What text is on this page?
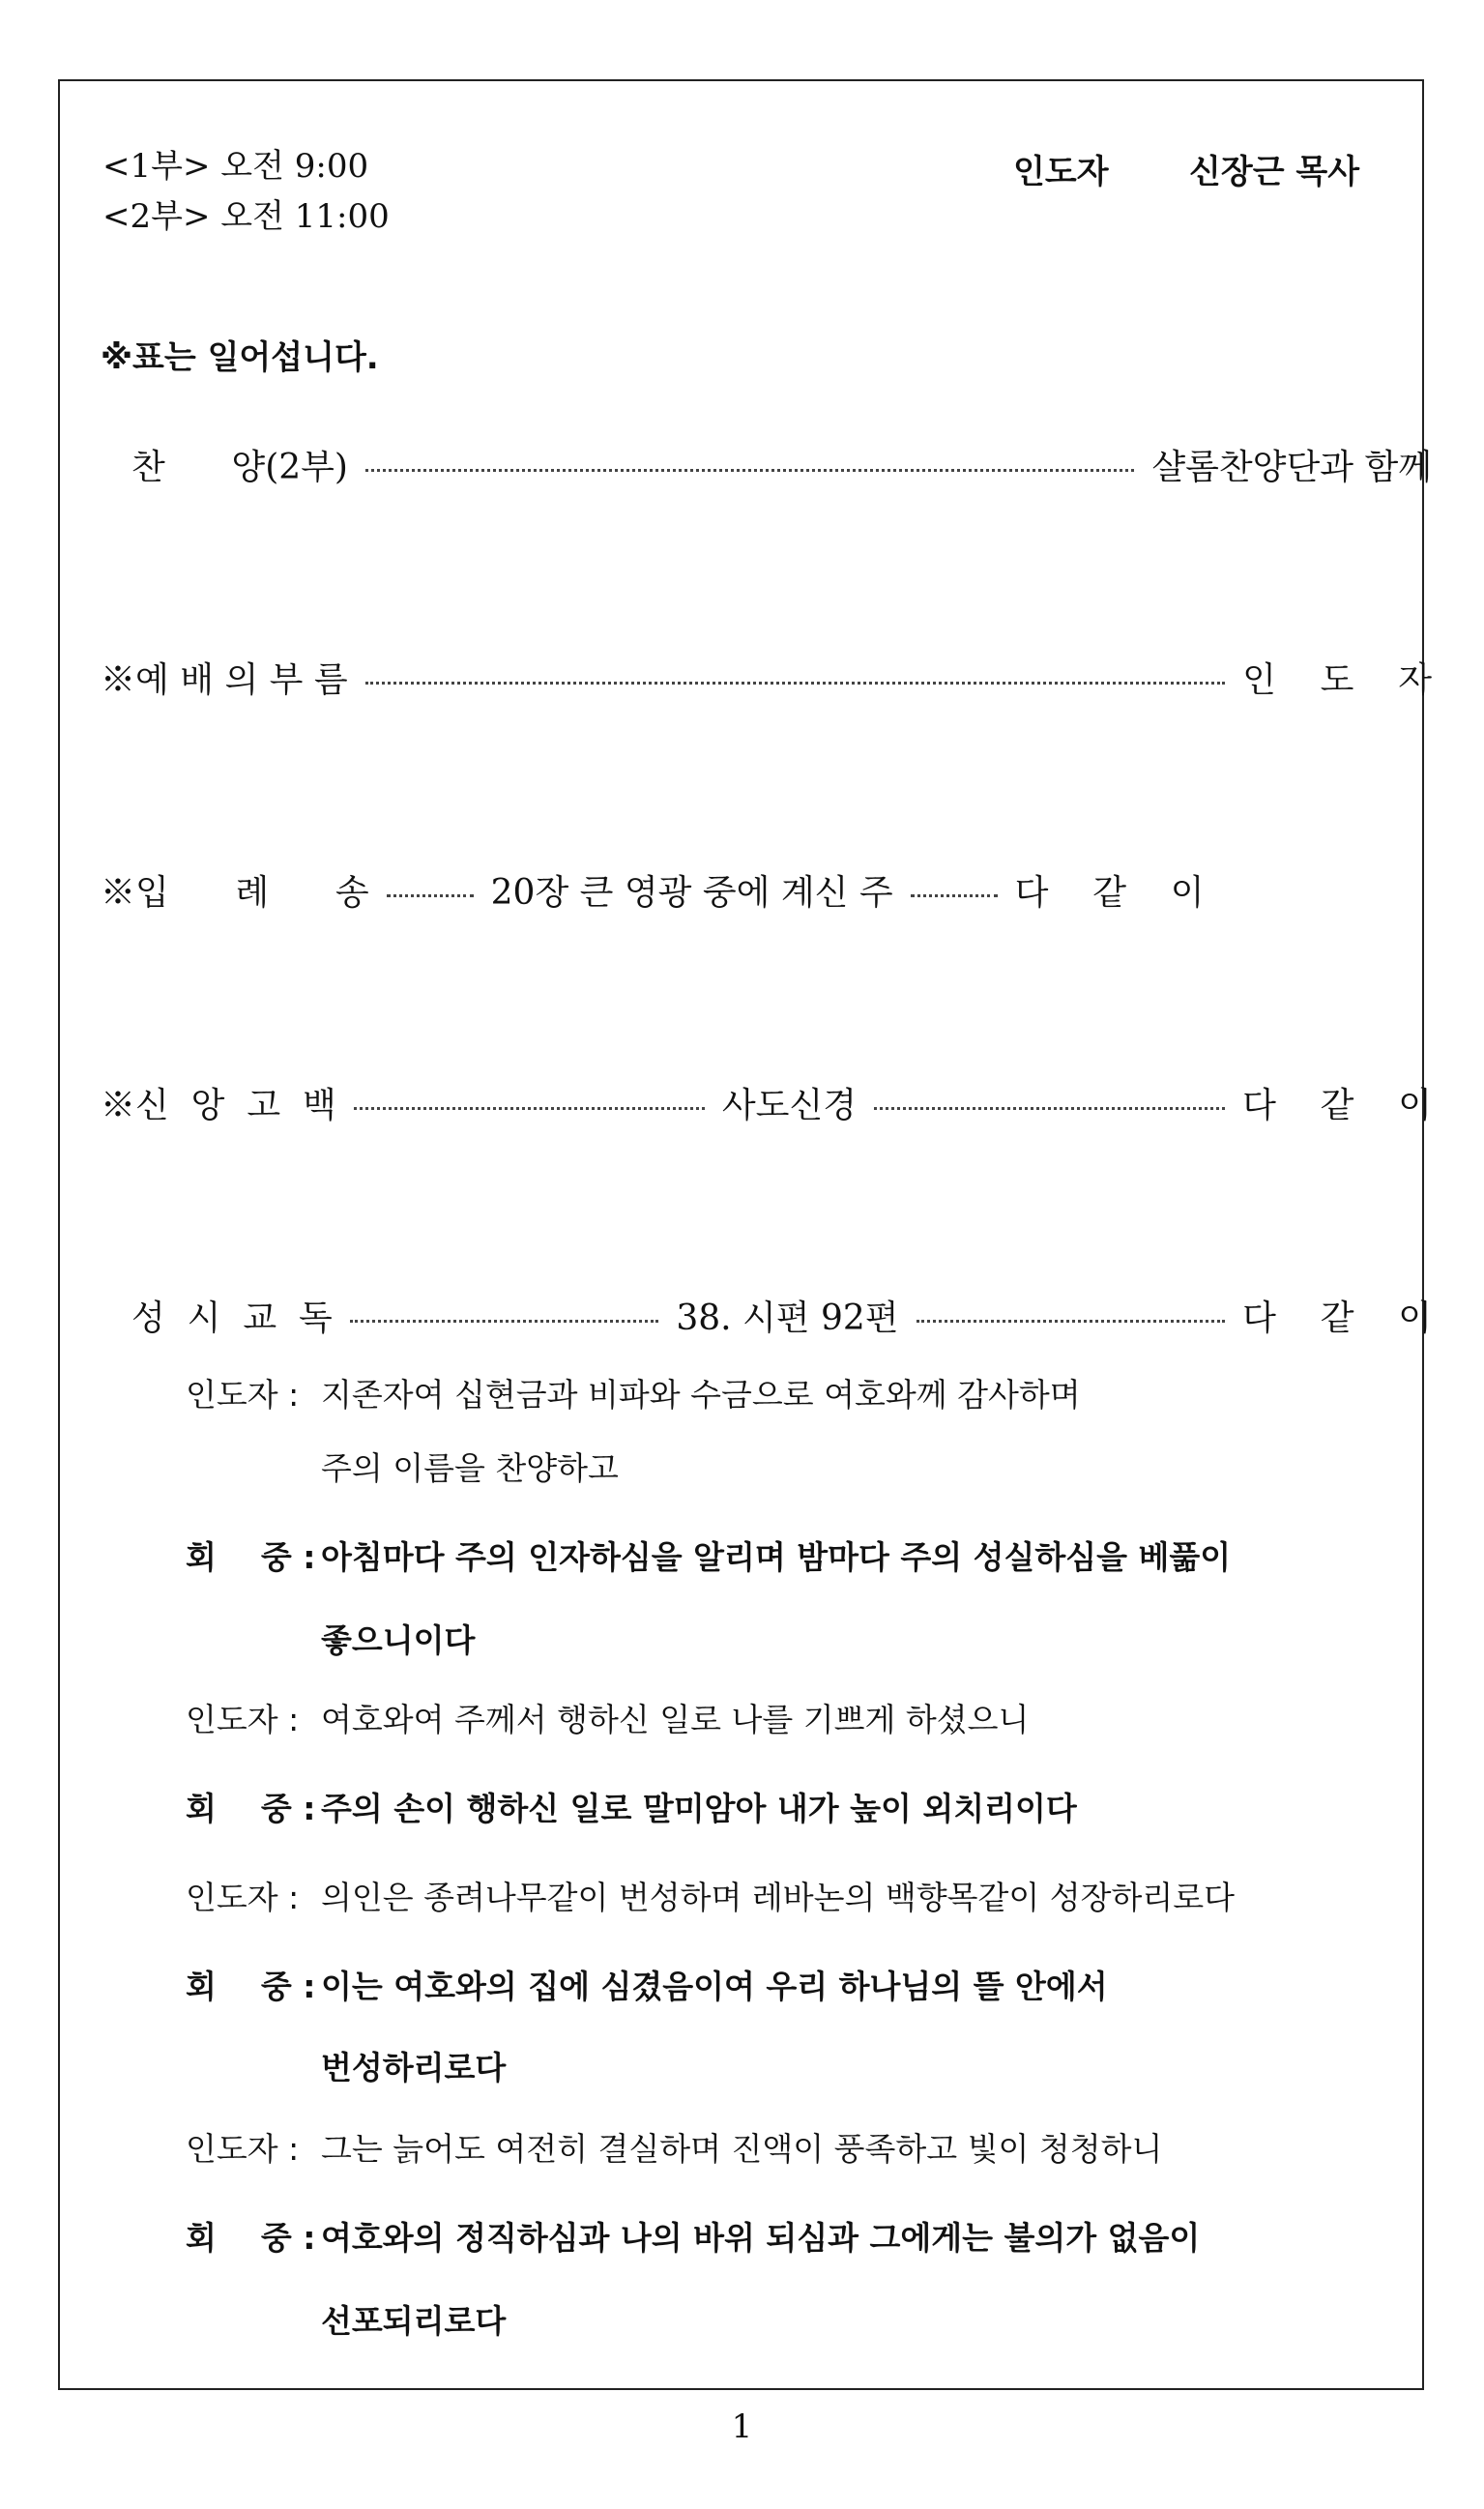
<1부> 오전 9:00
<2부> 오전 11:00
인도자 신장근 목사
※표는 일어섭니다.
찬      양(2부)	샬롬찬양단과 함께
※예 배 의 부 름	인    도    자
※입      례      송	20장 큰 영광 중에 계신 주	다    같    이
※신  앙  고  백	사도신경	다    같    이
성  시  교  독	38. 시편 92편	다    같    이
인도자 : 지존자여 십현금과 비파와 수금으로 여호와께 감사하며
주의 이름을 찬양하고
회    중 : 아침마다 주의 인자하심을 알리며 밤마다 주의 성실하심을 베풂이
좋으니이다
인도자 : 여호와여 주께서 행하신 일로 나를 기쁘게 하셨으니
회    중 : 주의 손이 행하신 일로 말미암아 내가 높이 외치리이다
인도자 : 의인은 종려나무같이 번성하며 레바논의 백향목같이 성장하리로다
회    중 : 이는 여호와의 집에 심겼음이여 우리 하나님의 뜰 안에서
번성하리로다
인도자 : 그는 늙어도 여전히 결실하며 진액이 풍족하고 빛이 청청하니
회    중 : 여호와의 정직하심과 나의 바위 되심과 그에게는 불의가 없음이
선포되리로다
1
